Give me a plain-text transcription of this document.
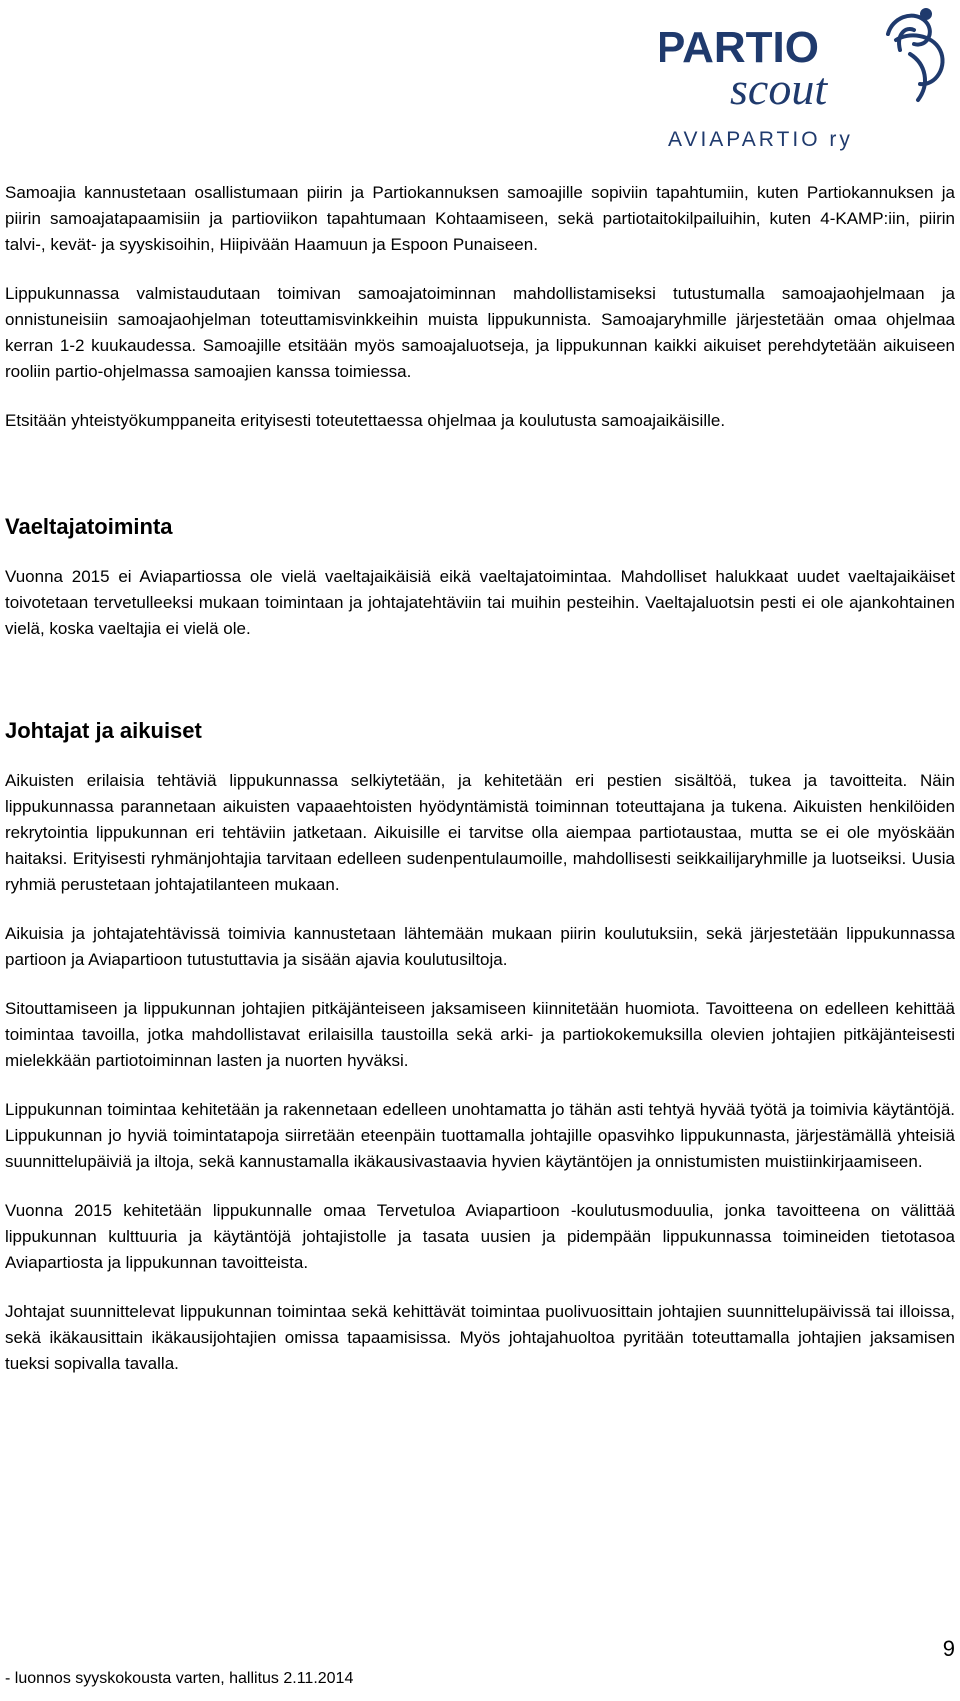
PARTIO
scout
AVIAPARTIO ry

Samoajia kannustetaan osallistumaan piirin ja Partiokannuksen samoajille sopiviin tapahtumiin, kuten Partiokannuksen ja piirin samoajatapaamisiin ja partioviikon tapahtumaan Kohtaamiseen, sekä partiotaitokilpailuihin, kuten 4-KAMP:iin, piirin talvi-, kevät- ja syyskisoihin, Hiipivään Haamuun ja Espoon Punaiseen.

Lippukunnassa valmistaudutaan toimivan samoajatoiminnan mahdollistamiseksi tutustumalla samoajaohjelmaan ja onnistuneisiin samoajaohjelman toteuttamisvinkkeihin muista lippukunnista. Samoajaryhmille järjestetään omaa ohjelmaa kerran 1-2 kuukaudessa. Samoajille etsitään myös samoajaluotseja, ja lippukunnan kaikki aikuiset perehdytetään aikuiseen rooliin partio-ohjelmassa samoajien kanssa toimiessa.

Etsitään yhteistyökumppaneita erityisesti toteutettaessa ohjelmaa ja koulutusta samoajaikäisille.

Vaeltajatoiminta

Vuonna 2015 ei Aviapartiossa ole vielä vaeltajaikäisiä eikä vaeltajatoimintaa. Mahdolliset halukkaat uudet vaeltajaikäiset toivotetaan tervetulleeksi mukaan toimintaan ja johtajatehtäviin tai muihin pesteihin. Vaeltajaluotsin pesti ei ole ajankohtainen vielä, koska vaeltajia ei vielä ole.

Johtajat ja aikuiset

Aikuisten erilaisia tehtäviä lippukunnassa selkiytetään, ja kehitetään eri pestien sisältöä, tukea ja tavoitteita. Näin lippukunnassa parannetaan aikuisten vapaaehtoisten hyödyntämistä toiminnan toteuttajana ja tukena. Aikuisten henkilöiden rekrytointia lippukunnan eri tehtäviin jatketaan. Aikuisille ei tarvitse olla aiempaa partiotaustaa, mutta se ei ole myöskään haitaksi. Erityisesti ryhmänjohtajia tarvitaan edelleen sudenpentulaumoille, mahdollisesti seikkailijaryhmille ja luotseiksi. Uusia ryhmiä perustetaan johtajatilanteen mukaan.

Aikuisia ja johtajatehtävissä toimivia kannustetaan lähtemään mukaan piirin koulutuksiin, sekä järjestetään lippukunnassa partioon ja Aviapartioon tutustuttavia ja sisään ajavia koulutusiltoja.

Sitouttamiseen ja lippukunnan johtajien pitkäjänteiseen jaksamiseen kiinnitetään huomiota. Tavoitteena on edelleen kehittää toimintaa tavoilla, jotka mahdollistavat erilaisilla taustoilla sekä arki- ja partiokokemuksilla olevien johtajien pitkäjänteisesti mielekkään partiotoiminnan lasten ja nuorten hyväksi.

Lippukunnan toimintaa kehitetään ja rakennetaan edelleen unohtamatta jo tähän asti tehtyä hyvää työtä ja toimivia käytäntöjä. Lippukunnan jo hyviä toimintatapoja siirretään eteenpäin tuottamalla johtajille opasvihko lippukunnasta, järjestämällä yhteisiä suunnittelupäiviä ja iltoja, sekä kannustamalla ikäkausivastaavia hyvien käytäntöjen ja onnistumisten muistiinkirjaamiseen.

Vuonna 2015 kehitetään lippukunnalle omaa Tervetuloa Aviapartioon -koulutusmoduulia, jonka tavoitteena on välittää lippukunnan kulttuuria ja käytäntöjä johtajistolle ja tasata uusien ja pidempään lippukunnassa toimineiden tietotasoa Aviapartiosta ja lippukunnan tavoitteista.

Johtajat suunnittelevat lippukunnan toimintaa sekä kehittävät toimintaa puolivuosittain johtajien suunnittelupäivissä tai illoissa, sekä ikäkausittain ikäkausijohtajien omissa tapaamisissa. Myös johtajahuoltoa pyritään toteuttamalla johtajien jaksamisen tueksi sopivalla tavalla.

9
- luonnos syyskokousta varten, hallitus 2.11.2014
